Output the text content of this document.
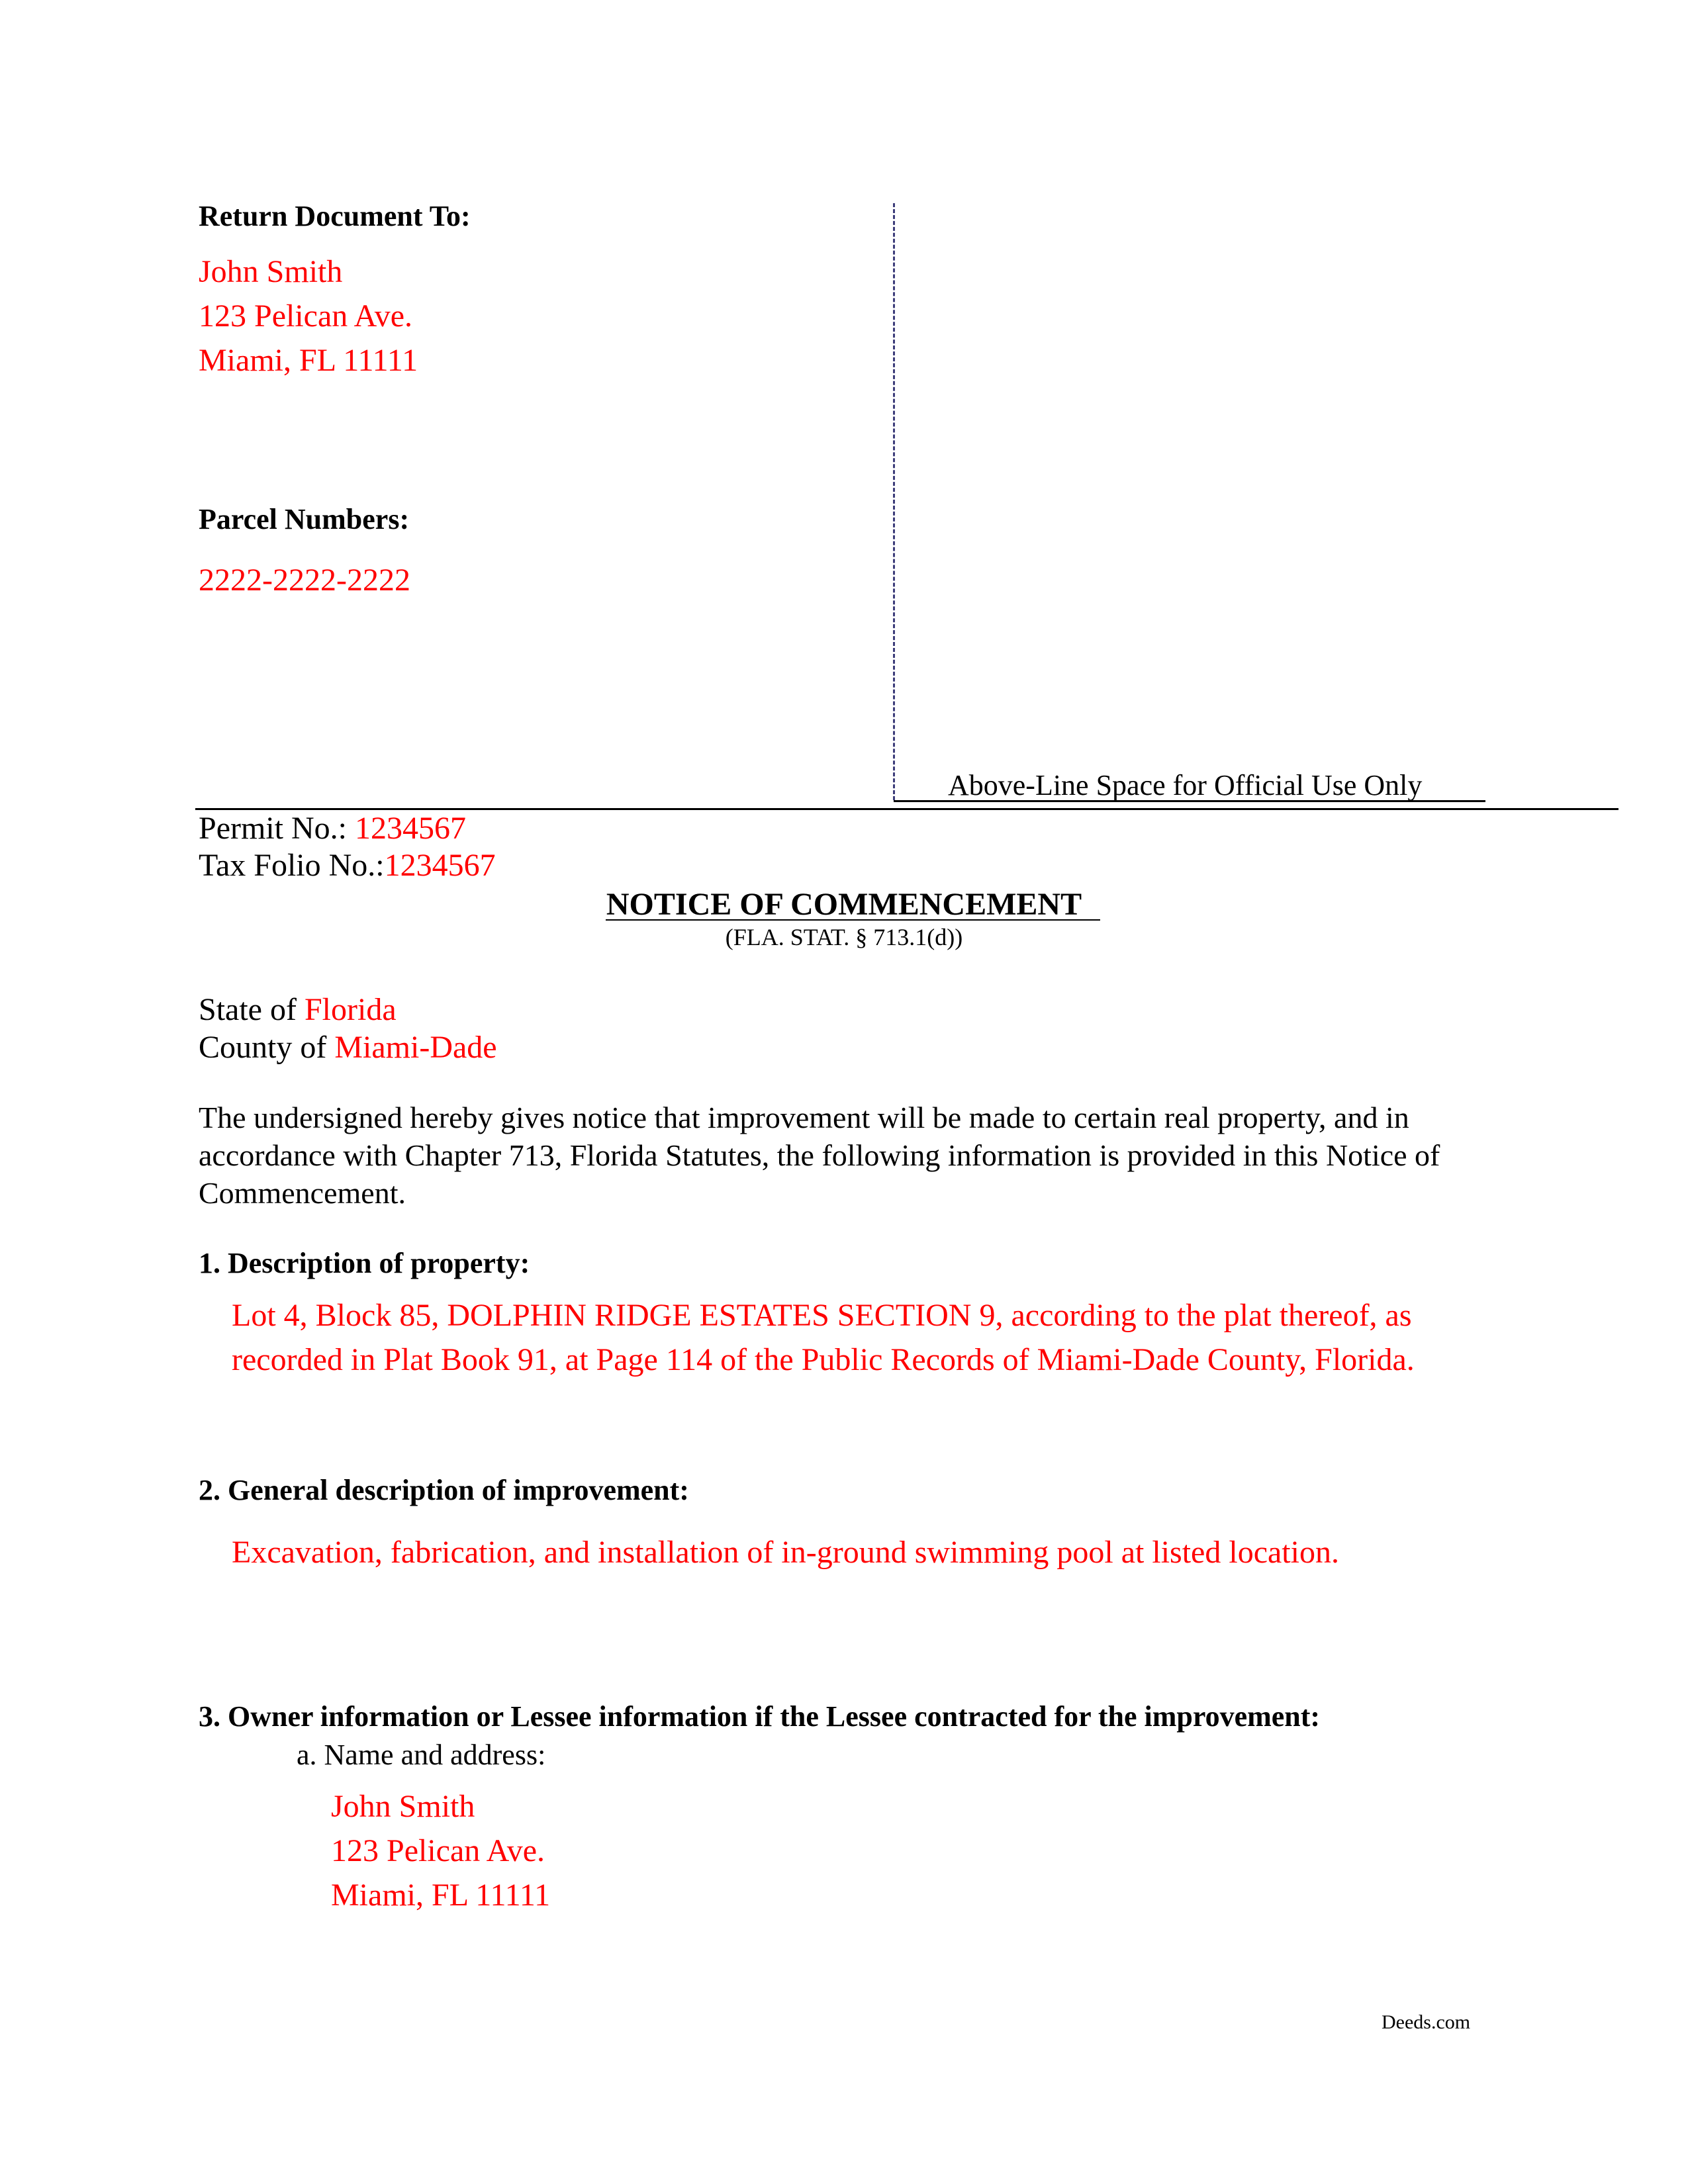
Return Document To:
John Smith
123 Pelican Ave.
Miami, FL 11111
Parcel Numbers:
2222-2222-2222
Above-Line Space for Official Use Only
Permit No.: 1234567
Tax Folio No.:1234567
NOTICE OF COMMENCEMENT
(FLA. STAT. § 713.1(d))
State of Florida
County of Miami-Dade
The undersigned hereby gives notice that improvement will be made to certain real property, and in accordance with Chapter 713, Florida Statutes, the following information is provided in this Notice of Commencement.
1. Description of property:
Lot 4, Block 85, DOLPHIN RIDGE ESTATES SECTION 9, according to the plat thereof, as
recorded in Plat Book 91, at Page 114 of the Public Records of Miami-Dade County, Florida.
2. General description of improvement:
Excavation, fabrication, and installation of in-ground swimming pool at listed location.
3. Owner information or Lessee information if the Lessee contracted for the improvement:
a. Name and address:
John Smith
123 Pelican Ave.
Miami, FL 11111
Deeds.com
